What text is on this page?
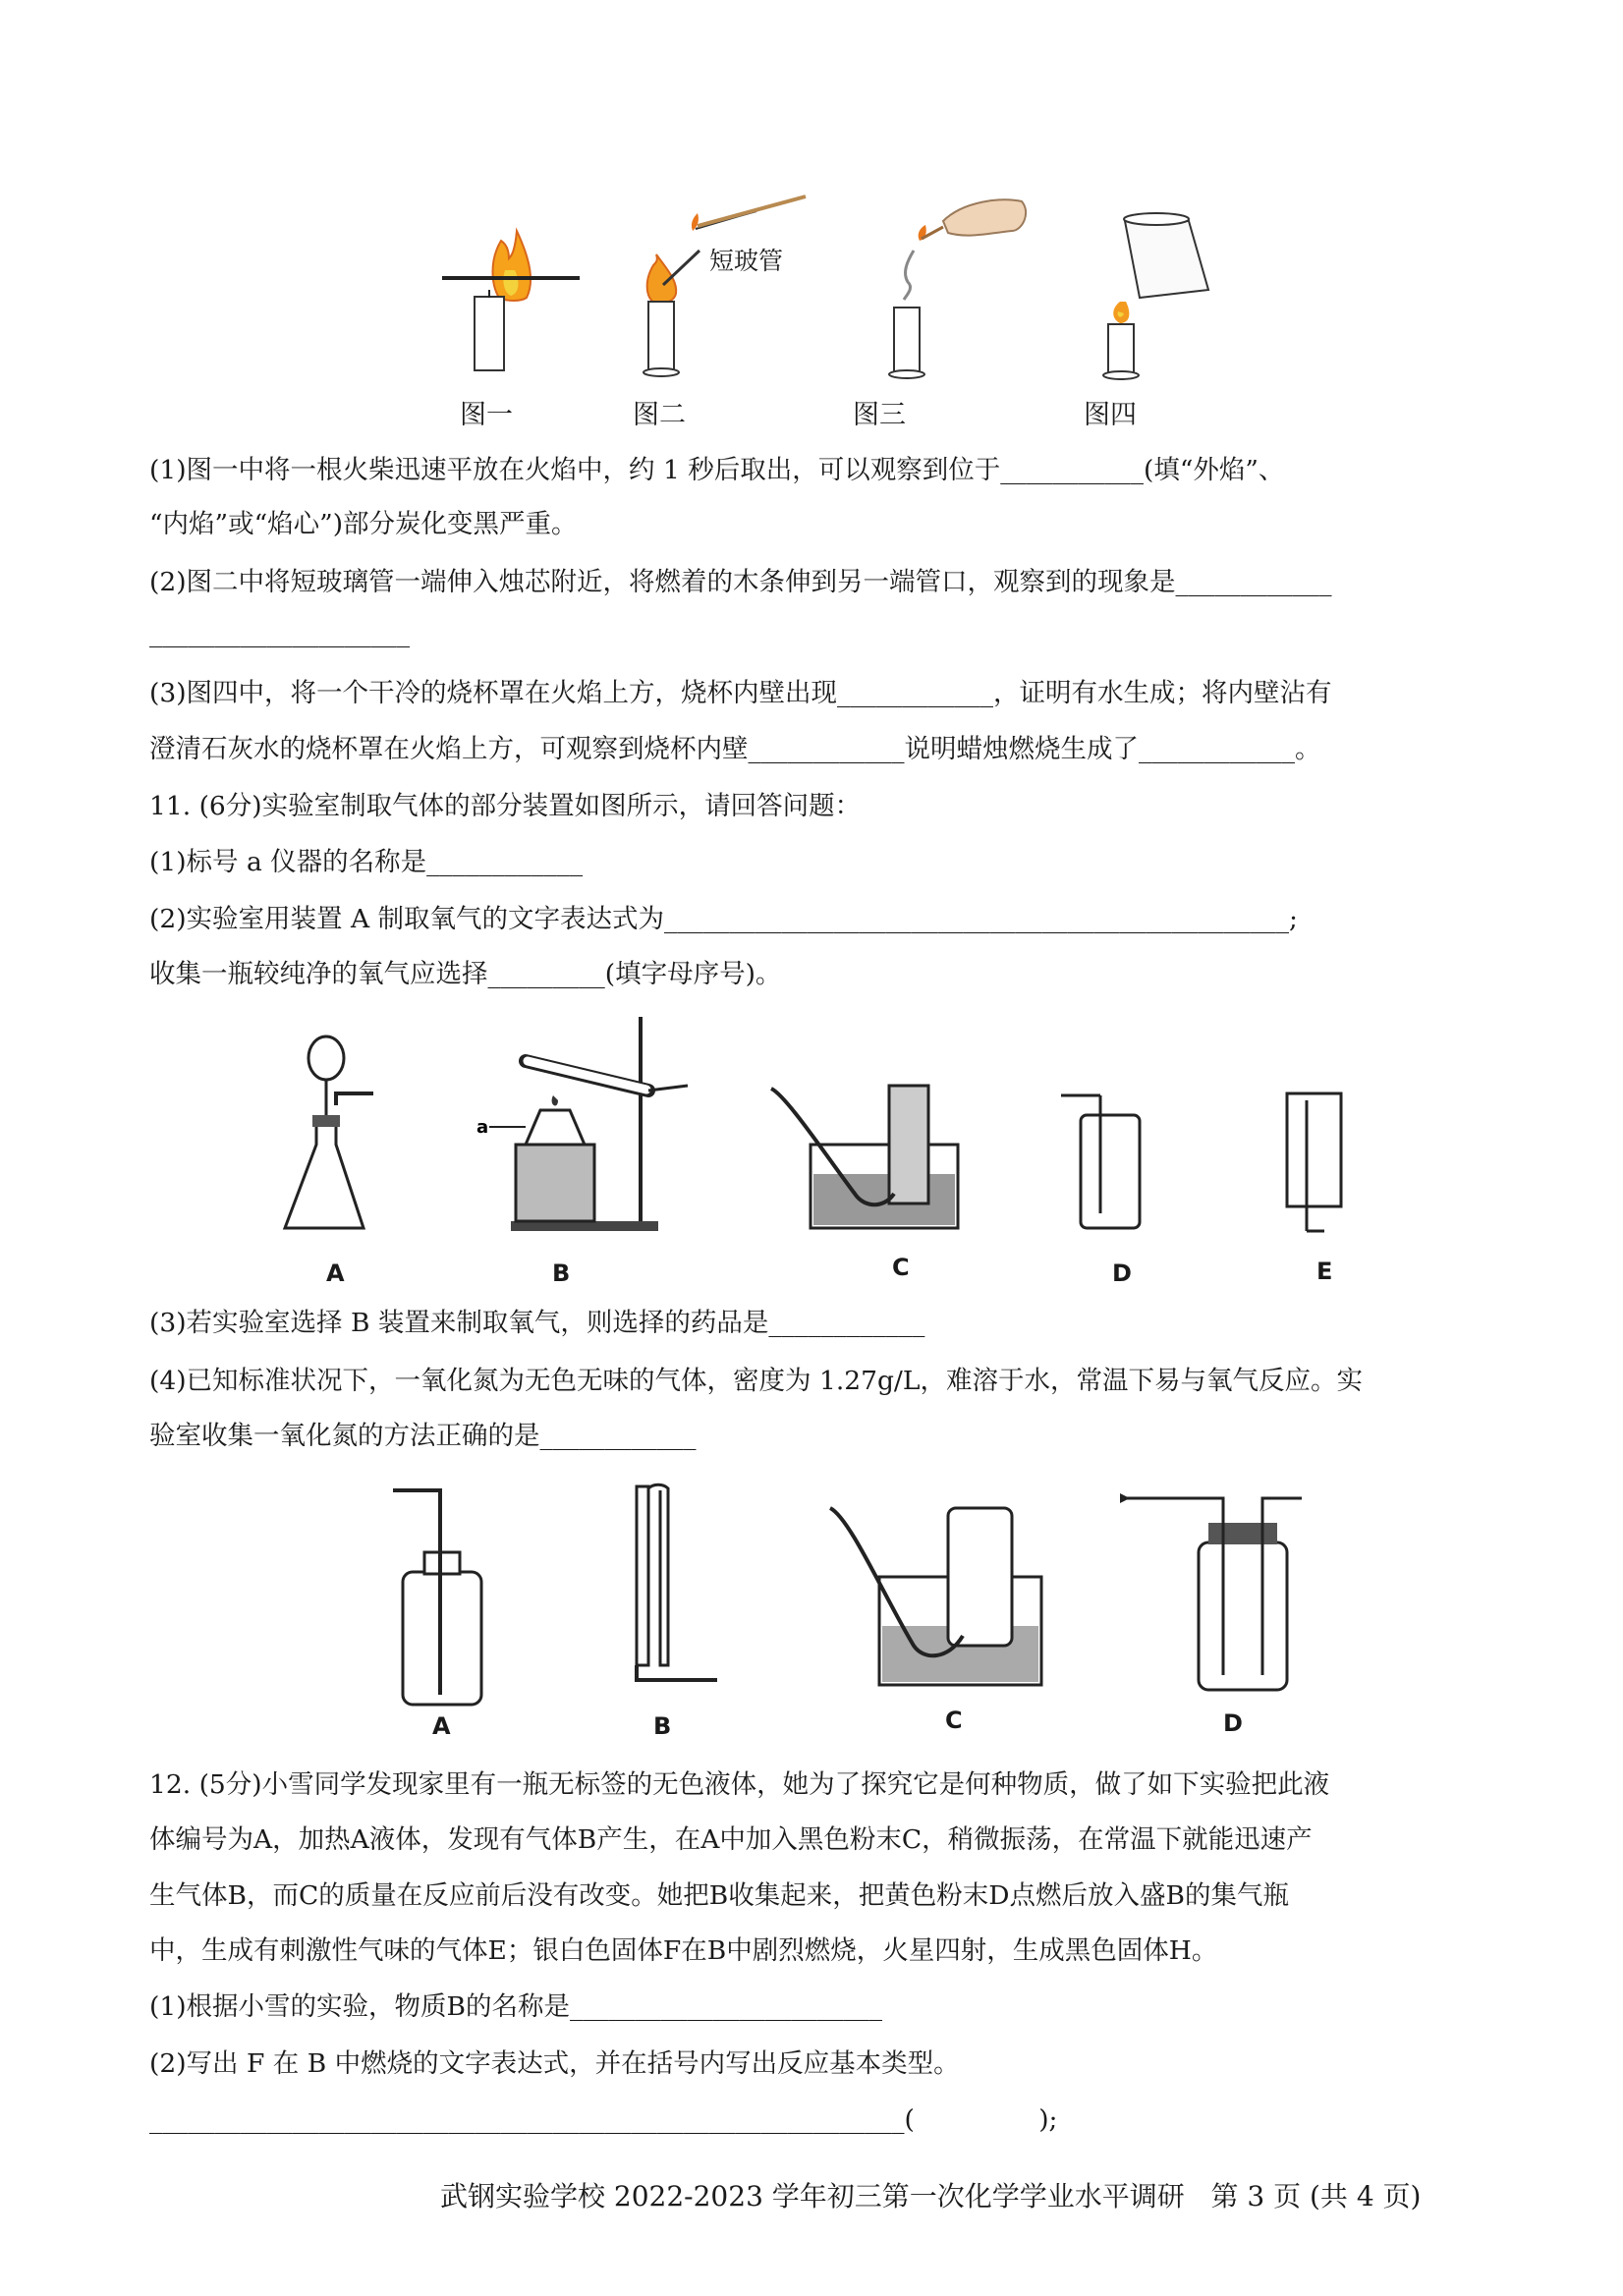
短玻管
图一	图二	图三	图四
(1)图一中将一根火柴迅速平放在火焰中，约 1 秒后取出，可以观察到位于___________(填“外焰”、
“内焰”或“焰心”)部分炭化变黑严重。
(2)图二中将短玻璃管一端伸入烛芯附近，将燃着的木条伸到另一端管口，观察到的现象是____________
____________________
(3)图四中，将一个干冷的烧杯罩在火焰上方，烧杯内壁出现____________，证明有水生成；将内壁沾有
澄清石灰水的烧杯罩在火焰上方，可观察到烧杯内壁____________说明蜡烛燃烧生成了____________。
11. (6分)实验室制取气体的部分装置如图所示，请回答问题：
(1)标号 a 仪器的名称是____________
(2)实验室用装置 A 制取氧气的文字表达式为________________________________________________;
收集一瓶较纯净的氧气应选择_________(填字母序号)。
a
A	B	C	D	E
(3)若实验室选择 B 装置来制取氧气，则选择的药品是____________
(4)已知标准状况下，一氧化氮为无色无味的气体，密度为 1.27g/L，难溶于水，常温下易与氧气反应。实
验室收集一氧化氮的方法正确的是____________
A	B	C	D
12. (5分)小雪同学发现家里有一瓶无标签的无色液体，她为了探究它是何种物质，做了如下实验把此液
体编号为A，加热A液体，发现有气体B产生，在A中加入黑色粉末C，稍微振荡，在常温下就能迅速产
生气体B，而C的质量在反应前后没有改变。她把B收集起来，把黄色粉末D点燃后放入盛B的集气瓶
中，生成有刺激性气味的气体E；银白色固体F在B中剧烈燃烧，火星四射，生成黑色固体H。
(1)根据小雪的实验，物质B的名称是________________________
(2)写出 F 在 B 中燃烧的文字表达式，并在括号内写出反应基本类型。
__________________________________________________________(               );
武钢实验学校 2022-2023 学年初三第一次化学学业水平调研   第 3 页 (共 4 页)
